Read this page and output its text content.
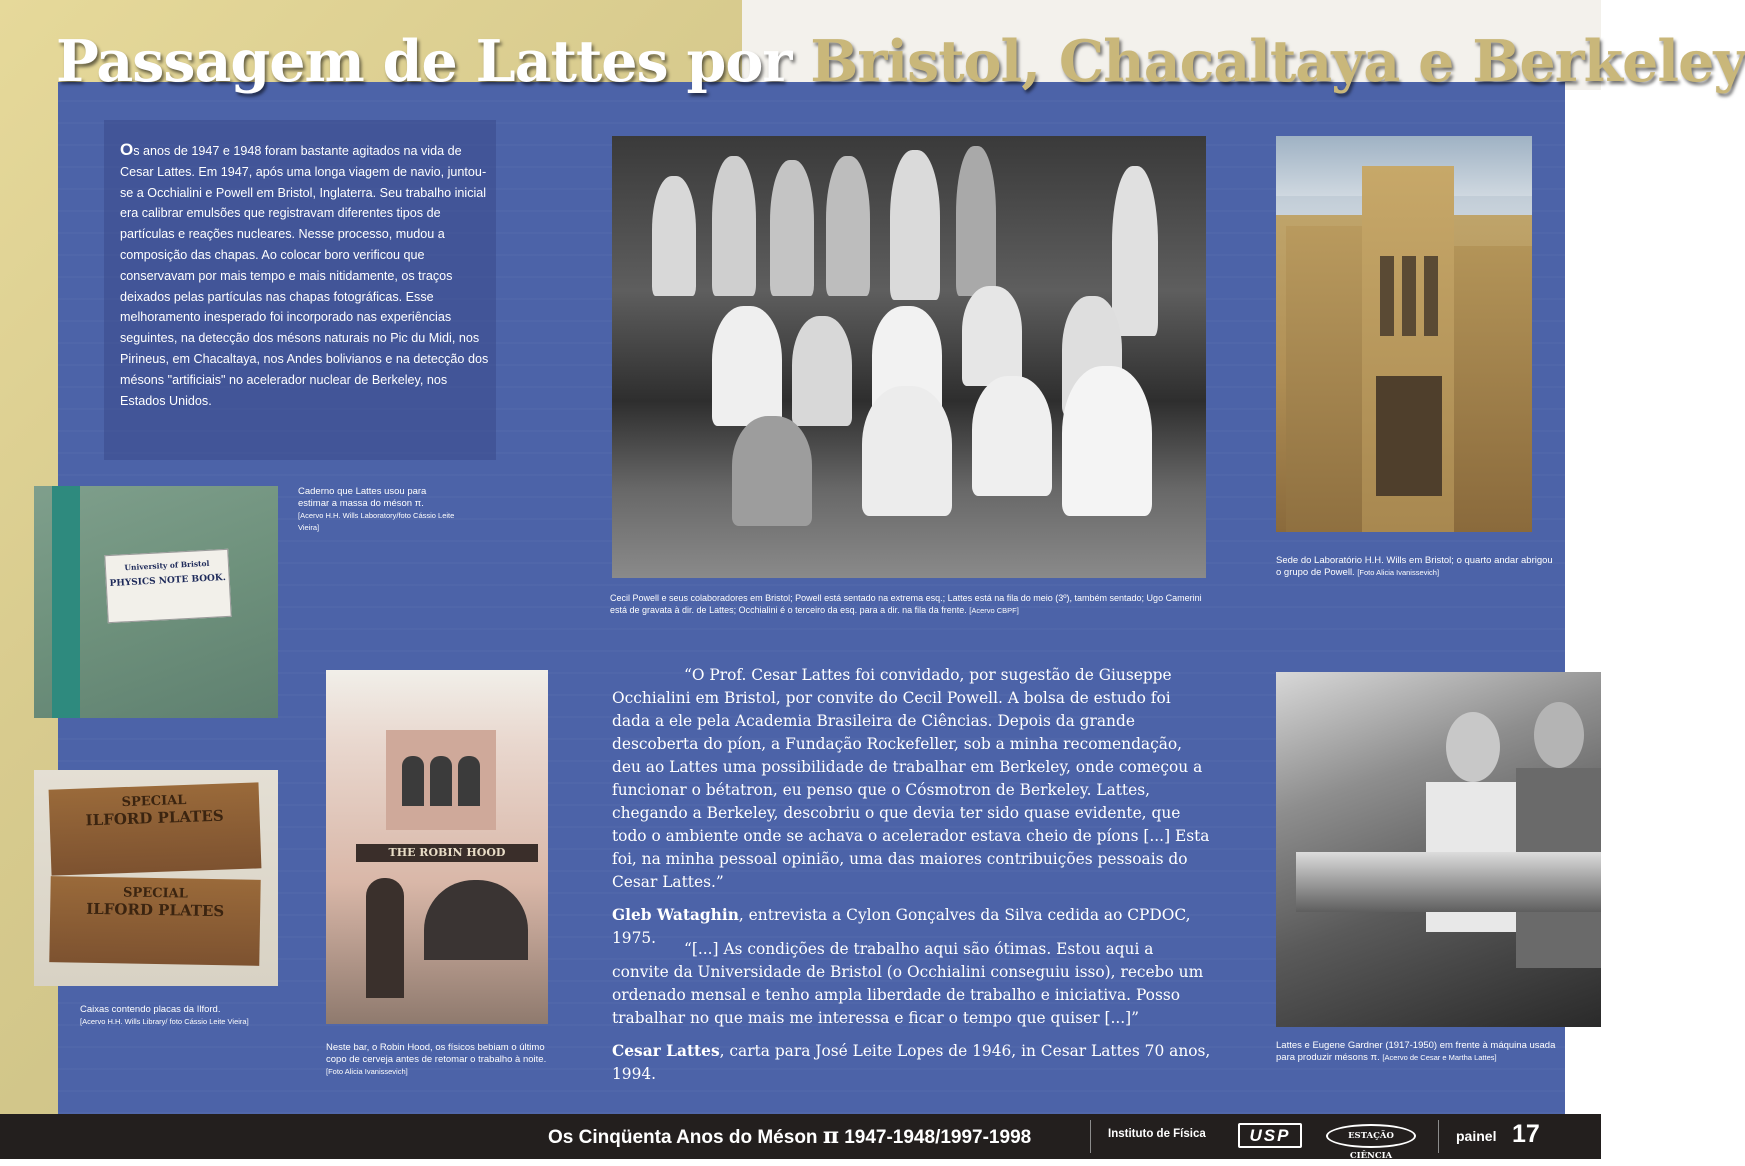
Passagem de Lattes por Bristol, Chacaltaya e Berkeley
Os anos de 1947 e 1948 foram bastante agitados na vida de Cesar Lattes. Em 1947, após uma longa viagem de navio, juntou-se a Occhialini e Powell em Bristol, Inglaterra. Seu trabalho inicial era calibrar emulsões que registravam diferentes tipos de partículas e reações nucleares. Nesse processo, mudou a composição das chapas. Ao colocar boro verificou que conservavam por mais tempo e mais nitidamente, os traços deixados pelas partículas nas chapas fotográficas. Esse melhoramento inesperado foi incorporado nas experiências seguintes, na detecção dos mésons naturais no Pic du Midi, nos Pirineus, em Chacaltaya, nos Andes bolivianos e na detecção dos mésons "artificiais" no acelerador nuclear de Berkeley, nos Estados Unidos.
University of Bristol
PHYSICS NOTE BOOK.
Caderno que Lattes usou para estimar a massa do méson π.
[Acervo H.H. Wills Laboratory/foto Cássio Leite Vieira]
SPECIAL
ILFORD PLATES
SPECIAL
ILFORD PLATES
Caixas contendo placas da Ilford.
[Acervo H.H. Wills Library/ foto Cássio Leite Vieira]
THE ROBIN HOOD
Neste bar, o Robin Hood, os físicos bebiam o último copo de cerveja antes de retomar o trabalho à noite. [Foto Alicia Ivanissevich]
Cecil Powell e seus colaboradores em Bristol; Powell está sentado na extrema esq.; Lattes está na fila do meio (3º), também sentado; Ugo Camerini está de gravata à dir. de Lattes; Occhialini é o terceiro da esq. para a dir. na fila da frente. [Acervo CBPF]
Sede do Laboratório H.H. Wills em Bristol; o quarto andar abrigou o grupo de Powell. [Foto Alicia Ivanissevich]
Lattes e Eugene Gardner (1917-1950) em frente à máquina usada para produzir mésons π. [Acervo de Cesar e Martha Lattes]

“O Prof. Cesar Lattes foi convidado, por sugestão de Giuseppe Occhialini em Bristol, por convite do Cecil Powell. A bolsa de estudo foi dada a ele pela Academia Brasileira de Ciências. Depois da grande descoberta do píon, a Fundação Rockefeller, sob a minha recomendação, deu ao Lattes uma possibilidade de trabalhar em Berkeley, onde começou a funcionar o bétatron, eu penso que o Cósmotron de Berkeley. Lattes, chegando a Berkeley, descobriu o que devia ter sido quase evidente, que todo o ambiente onde se achava o acelerador estava cheio de píons [...] Esta foi, na minha pessoal opinião, uma das maiores contribuições pessoais do Cesar Lattes.”

Gleb Wataghin, entrevista a Cylon Gonçalves da Silva cedida ao CPDOC, 1975.

“[...] As condições de trabalho aqui são ótimas. Estou aqui a convite da Universidade de Bristol (o Occhialini conseguiu isso), recebo um ordenado mensal e tenho ampla liberdade de trabalho e iniciativa. Posso trabalhar no que mais me interessa e ficar o tempo que quiser [...]”

Cesar Lattes, carta para José Leite Lopes de 1946, in Cesar Lattes 70 anos, 1994.

Os Cinqüenta Anos do Méson π 1947-1948/1997-1998	Instituto de Física	USP	ESTAÇÃO CIÊNCIA
painel 17
